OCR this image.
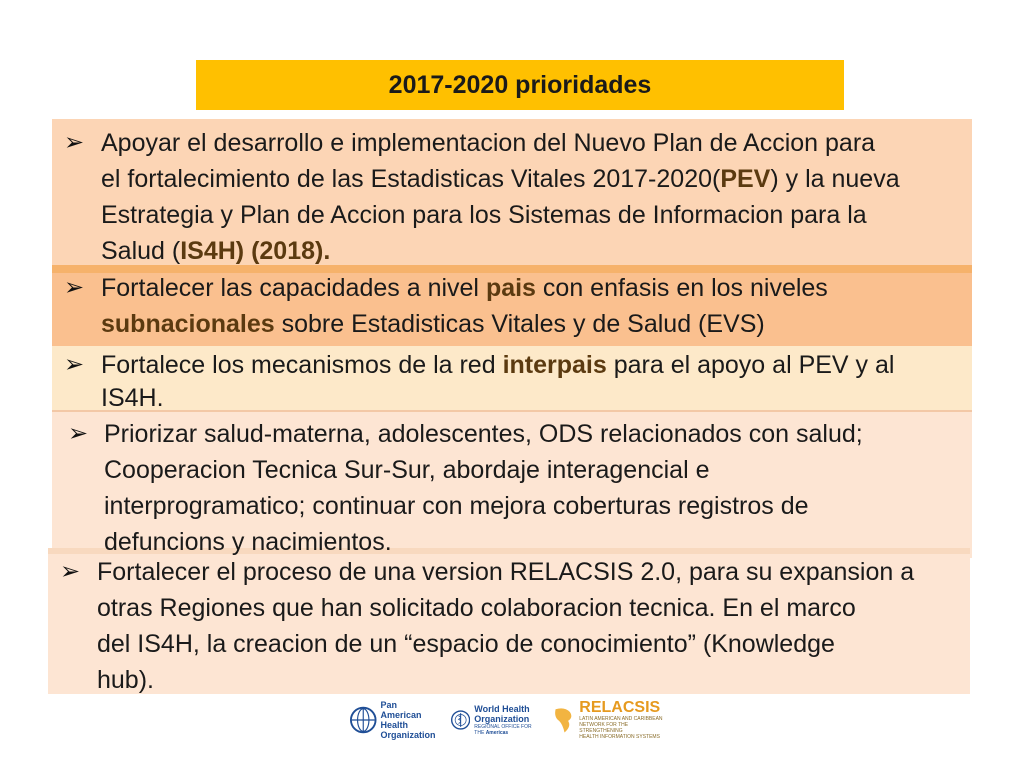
2017-2020 prioridades
➢ Apoyar el desarrollo e implementacion del Nuevo Plan de Accion para
el fortalecimiento de las Estadisticas Vitales 2017-2020(PEV) y la nueva
Estrategia y Plan de Accion para los Sistemas de Informacion para la
Salud (IS4H) (2018).
➢ Fortalecer las capacidades a nivel pais con enfasis en los niveles
subnacionales sobre Estadisticas Vitales y de Salud (EVS)
➢ Fortalece los mecanismos de la red interpais para el apoyo al PEV y al
IS4H.
➢ Priorizar salud-materna, adolescentes, ODS relacionados con salud;
Cooperacion Tecnica Sur-Sur, abordaje interagencial e
interprogramatico; continuar con mejora coberturas registros de
defuncions y nacimientos.
➢ Fortalecer el proceso de una version RELACSIS 2.0, para su expansion a
otras Regiones que han solicitado colaboracion tecnica. En el marco
del IS4H, la creacion de un “espacio de conocimiento” (Knowledge
hub).
Pan American
Health
Organization
World Health
Organization
REGIONAL OFFICE FOR THE Americas
RELACSIS
LATIN AMERICAN AND CARIBBEAN
NETWORK FOR THE STRENGTHENING
HEALTH INFORMATION SYSTEMS
